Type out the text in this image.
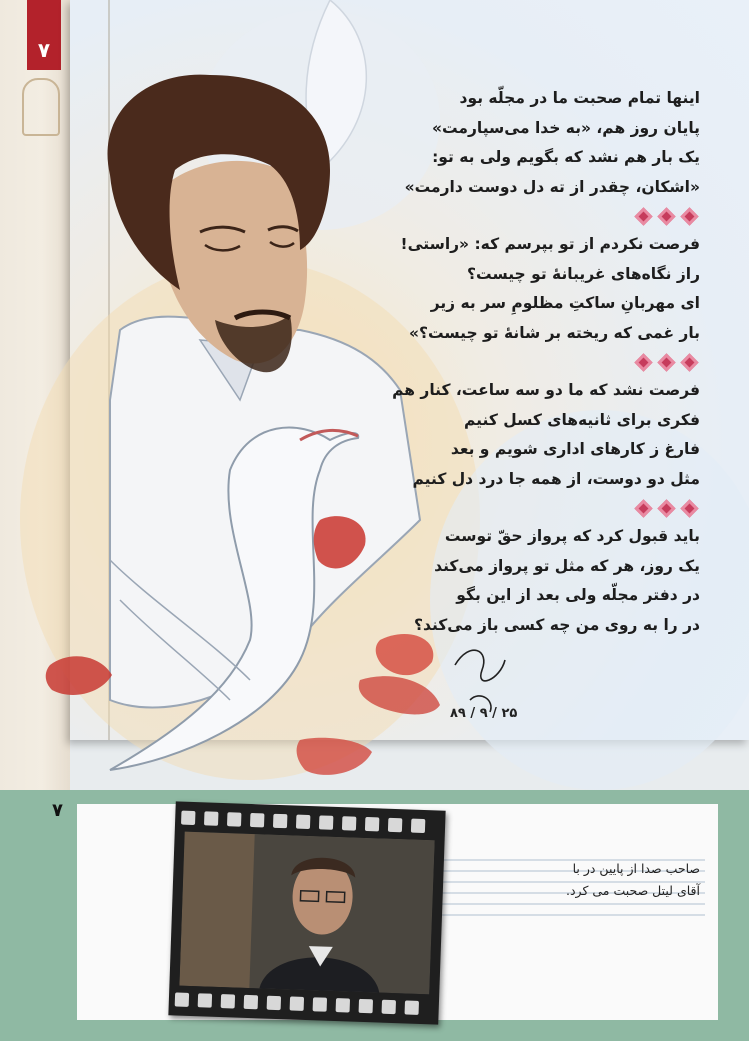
۷
اینها تمام صحبت ما در مجلّه بود
پایان روز هم، «به خدا می‌سپارمت»
یک بار هم نشد که بگویم ولی به تو:
«اشکان، چقدر از ته دل دوست دارمت»
فرصت نکردم از تو بپرسم که: «راستی!
راز نگاه‌های غریبانهٔ تو چیست؟
ای مهربانِ ساکتِ مظلومِ سر به زیر
بار غمی که ریخته بر شانهٔ تو چیست؟»
فرصت نشد که ما دو سه ساعت، کنار هم
فکری برای ثانیه‌های کسل کنیم
فارغ ز کارهای اداری شویم و بعد
مثل دو دوست، از همه جا درد دل کنیم
باید قبول کرد که پرواز حقّ توست
یک روز، هر که مثل تو پرواز می‌کند
در دفتر مجلّه ولی بعد از این بگو
در را به روی من چه کسی باز می‌کند؟
۲۵ / ۹ / ۸۹
۷
صاحب صدا از پایین در با
آقای لیتل صحبت می کرد.
